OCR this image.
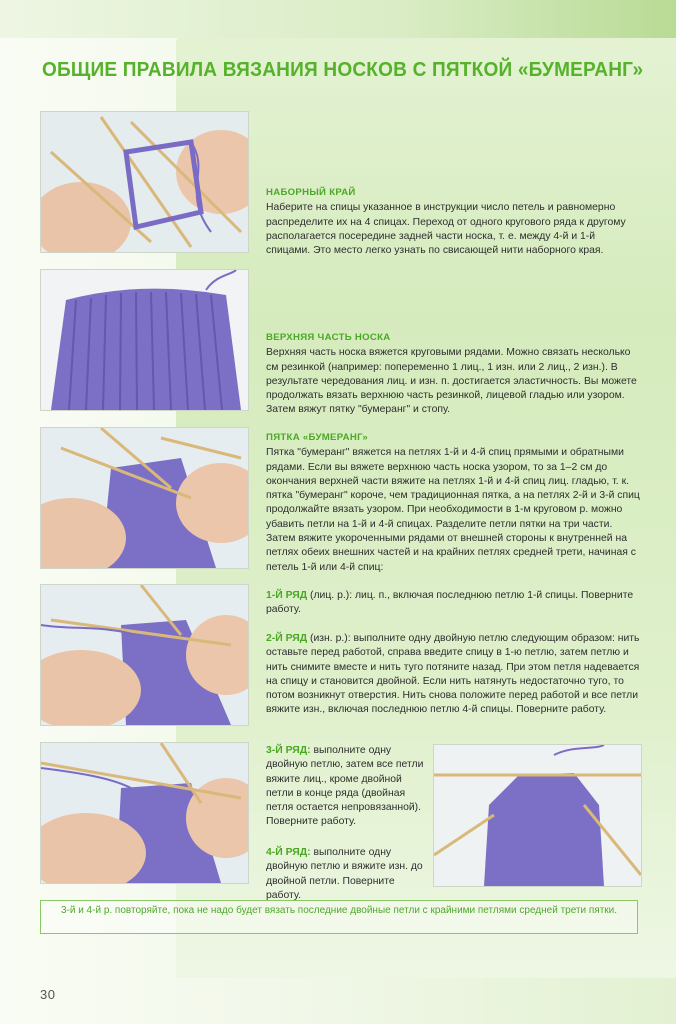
ОБЩИЕ ПРАВИЛА ВЯЗАНИЯ НОСКОВ С ПЯТКОЙ «БУМЕРАНГ»
НАБОРНЫЙ КРАЙ
Наберите на спицы указанное в инструкции число петель и равномерно распределите их на 4 спицах. Переход от одного кругового ряда к другому располагается посередине задней части носка, т. е. между 4-й и 1-й спицами. Это место легко узнать по свисающей нити наборного края.
ВЕРХНЯЯ ЧАСТЬ НОСКА
Верхняя часть носка вяжется круговыми рядами. Можно связать несколько см резинкой (например: попеременно 1 лиц., 1 изн. или 2 лиц., 2 изн.). В результате чередования лиц. и изн. п. достигается эластичность. Вы можете продолжать вязать верхнюю часть резинкой, лицевой гладью или узором. Затем вяжут пятку "бумеранг" и стопу.
ПЯТКА «БУМЕРАНГ»
Пятка "бумеранг" вяжется на петлях 1-й и 4-й спиц прямыми и обратными рядами. Если вы вяжете верхнюю часть носка узором, то за 1–2 см до окончания верхней части вяжите на петлях 1-й и 4-й спиц лиц. гладью, т. к. пятка "бумеранг" короче, чем традиционная пятка, а на петлях 2-й и 3-й спиц продолжайте вязать узором. При необходимости в 1-м круговом р. можно убавить петли на 1-й и 4-й спицах. Разделите петли пятки на три части. Затем вяжите укороченными рядами от внешней стороны к внутренней на петлях обеих внешних частей и на крайних петлях средней трети, начиная с петель 1-й или 4-й спиц:
1-Й РЯД (лиц. р.): лиц. п., включая последнюю петлю 1-й спицы. Поверните работу.
2-Й РЯД (изн. р.): выполните одну двойную петлю следующим образом: нить оставьте перед работой, справа введите спицу в 1-ю петлю, затем петлю и нить снимите вместе и нить туго потяните назад. При этом петля надевается на спицу и становится двойной. Если нить натянуть недостаточно туго, то потом возникнут отверстия. Нить снова положите перед работой и все петли вяжите изн., включая последнюю петлю 4-й спицы. Поверните работу.
3-Й РЯД: выполните одну двойную петлю, затем все петли вяжите лиц., кроме двойной петли в конце ряда (двойная петля остается непровязанной). Поверните работу.
4-Й РЯД: выполните одну двойную петлю и вяжите изн. до двойной петли. Поверните работу.
3-й и 4-й р. повторяйте, пока не надо будет вязать последние двойные петли с крайними петлями средней трети пятки.
30
